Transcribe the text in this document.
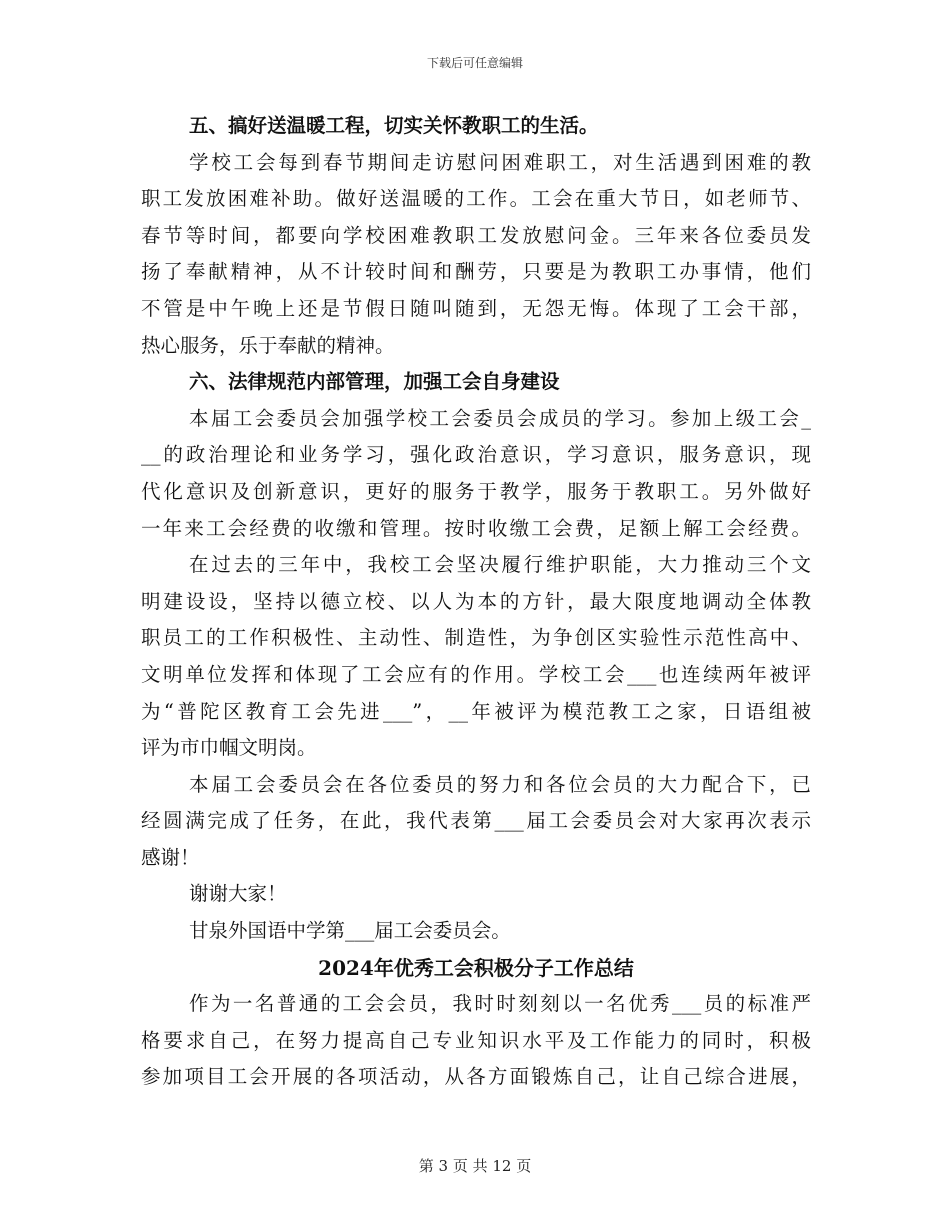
下载后可任意编辑
五、搞好送温暖工程，切实关怀教职工的生活。
学校工会每到春节期间走访慰问困难职工，对生活遇到困难的教
职工发放困难补助。做好送温暖的工作。工会在重大节日，如老师节、
春节等时间，都要向学校困难教职工发放慰问金。三年来各位委员发
扬了奉献精神，从不计较时间和酬劳，只要是为教职工办事情，他们
不管是中午晚上还是节假日随叫随到，无怨无悔。体现了工会干部，
热心服务，乐于奉献的精神。
六、法律规范内部管理，加强工会自身建设
本届工会委员会加强学校工会委员会成员的学习。参加上级工会_
__的政治理论和业务学习，强化政治意识，学习意识，服务意识，现
代化意识及创新意识，更好的服务于教学，服务于教职工。另外做好
一年来工会经费的收缴和管理。按时收缴工会费，足额上解工会经费。
在过去的三年中，我校工会坚决履行维护职能，大力推动三个文
明建设设，坚持以德立校、以人为本的方针，最大限度地调动全体教
职员工的工作积极性、主动性、制造性，为争创区实验性示范性高中、
文明单位发挥和体现了工会应有的作用。学校工会___也连续两年被评
为“普陀区教育工会先进___”，__年被评为模范教工之家，日语组被
评为市巾帼文明岗。
本届工会委员会在各位委员的努力和各位会员的大力配合下，已
经圆满完成了任务，在此，我代表第___届工会委员会对大家再次表示
感谢！
谢谢大家！
甘泉外国语中学第___届工会委员会。
2024年优秀工会积极分子工作总结
作为一名普通的工会会员，我时时刻刻以一名优秀___员的标准严
格要求自己，在努力提高自己专业知识水平及工作能力的同时，积极
参加项目工会开展的各项活动，从各方面锻炼自己，让自己综合进展，
第 3 页 共 12 页
